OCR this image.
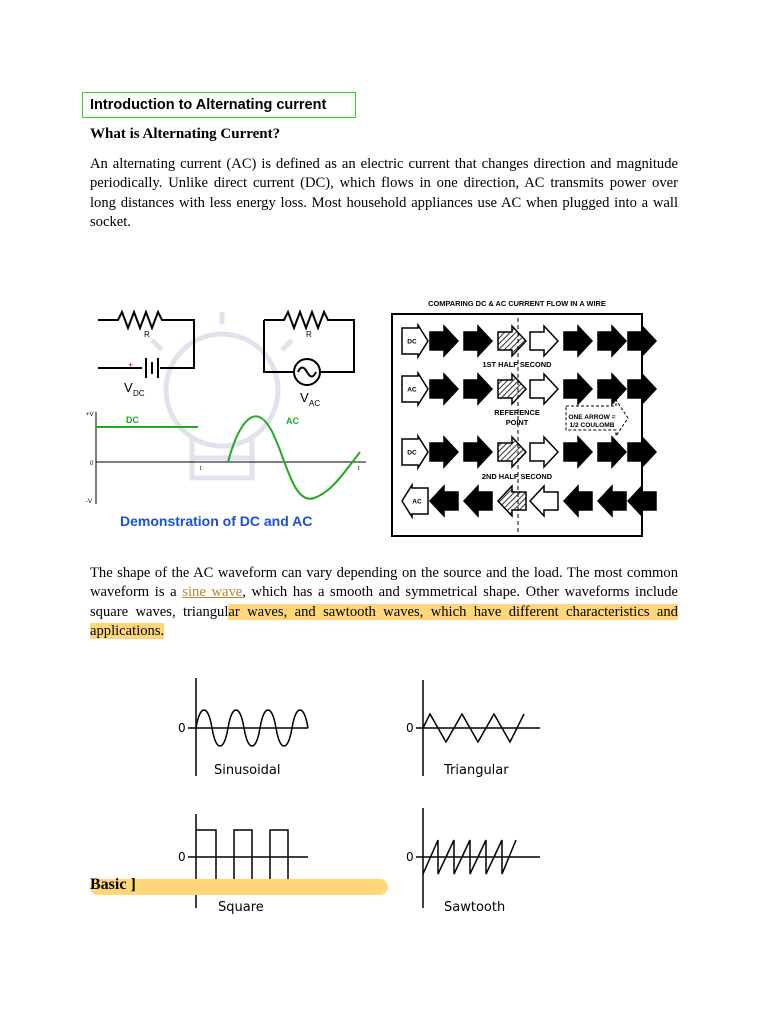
Introduction to Alternating current
What is Alternating Current?
An alternating current (AC) is defined as an electric current that changes direction and magnitude periodically. Unlike direct current (DC), which flows in one direction, AC transmits power over long distances with less energy loss. Most household appliances use AC when plugged into a wall socket.
R	R
+
V DC	V AC
+V
0
-V
t	t
DC	AC
Demonstration of DC and AC
COMPARING DC & AC CURRENT FLOW IN A WIRE
DC
AC
DC
AC
1ST HALF SECOND
REFERENCE
POINT
ONE ARROW =
1/2 COULOMB
2ND HALF SECOND
The shape of the AC waveform can vary depending on the source and the load. The most common waveform is a sine wave, which has a smooth and symmetrical shape. Other waveforms include square waves, triangular waves, and sawtooth waves, which have different characteristics and applications.
0	0
0	0
Sinusoidal	Triangular
Square	Sawtooth
Basic ]
